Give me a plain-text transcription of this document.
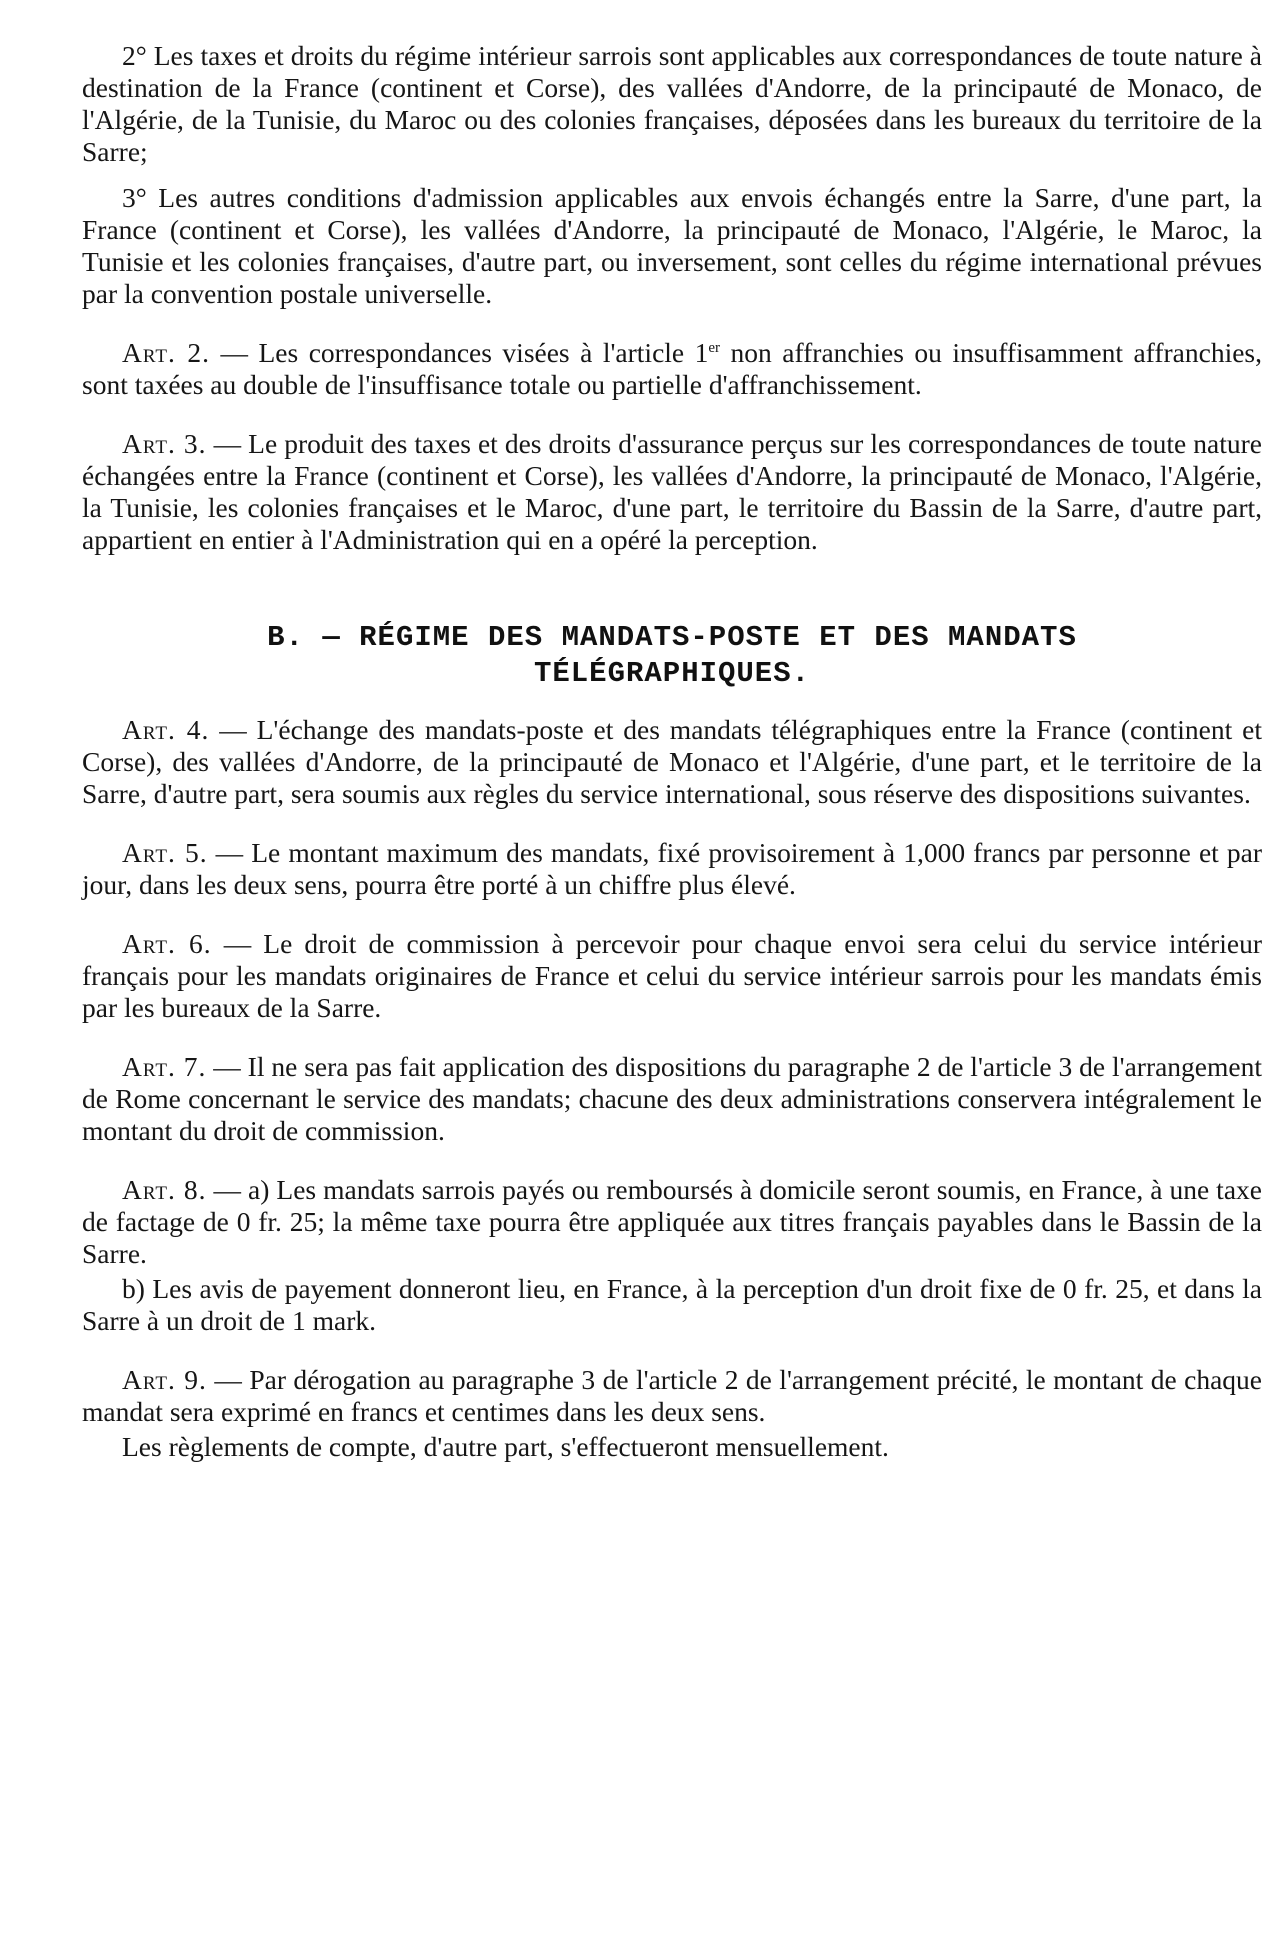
2° Les taxes et droits du régime intérieur sarrois sont applicables aux correspondances de toute nature à destination de la France (continent et Corse), des vallées d'Andorre, de la principauté de Monaco, de l'Algérie, de la Tunisie, du Maroc ou des colonies françaises, déposées dans les bureaux du territoire de la Sarre;

3° Les autres conditions d'admission applicables aux envois échangés entre la Sarre, d'une part, la France (continent et Corse), les vallées d'Andorre, la principauté de Monaco, l'Algérie, le Maroc, la Tunisie et les colonies françaises, d'autre part, ou inversement, sont celles du régime international prévues par la convention postale universelle.

Art. 2. — Les correspondances visées à l'article 1er non affranchies ou insuffisamment affranchies, sont taxées au double de l'insuffisance totale ou partielle d'affranchissement.

Art. 3. — Le produit des taxes et des droits d'assurance perçus sur les correspondances de toute nature échangées entre la France (continent et Corse), les vallées d'Andorre, la principauté de Monaco, l'Algérie, la Tunisie, les colonies françaises et le Maroc, d'une part, le territoire du Bassin de la Sarre, d'autre part, appartient en entier à l'Administration qui en a opéré la perception.

B. — RÉGIME DES MANDATS-POSTE ET DES MANDATS
TÉLÉGRAPHIQUES.

Art. 4. — L'échange des mandats-poste et des mandats télégraphiques entre la France (continent et Corse), des vallées d'Andorre, de la principauté de Monaco et l'Algérie, d'une part, et le territoire de la Sarre, d'autre part, sera soumis aux règles du service international, sous réserve des dispositions suivantes.

Art. 5. — Le montant maximum des mandats, fixé provisoirement à 1,000 francs par personne et par jour, dans les deux sens, pourra être porté à un chiffre plus élevé.

Art. 6. — Le droit de commission à percevoir pour chaque envoi sera celui du service intérieur français pour les mandats originaires de France et celui du service intérieur sarrois pour les mandats émis par les bureaux de la Sarre.

Art. 7. — Il ne sera pas fait application des dispositions du paragraphe 2 de l'article 3 de l'arrangement de Rome concernant le service des mandats; chacune des deux administrations conservera intégralement le montant du droit de commission.

Art. 8. — a) Les mandats sarrois payés ou remboursés à domicile seront soumis, en France, à une taxe de factage de 0 fr. 25; la même taxe pourra être appliquée aux titres français payables dans le Bassin de la Sarre.

b) Les avis de payement donneront lieu, en France, à la perception d'un droit fixe de 0 fr. 25, et dans la Sarre à un droit de 1 mark.

Art. 9. — Par dérogation au paragraphe 3 de l'article 2 de l'arrangement précité, le montant de chaque mandat sera exprimé en francs et centimes dans les deux sens.

Les règlements de compte, d'autre part, s'effectueront mensuellement.
